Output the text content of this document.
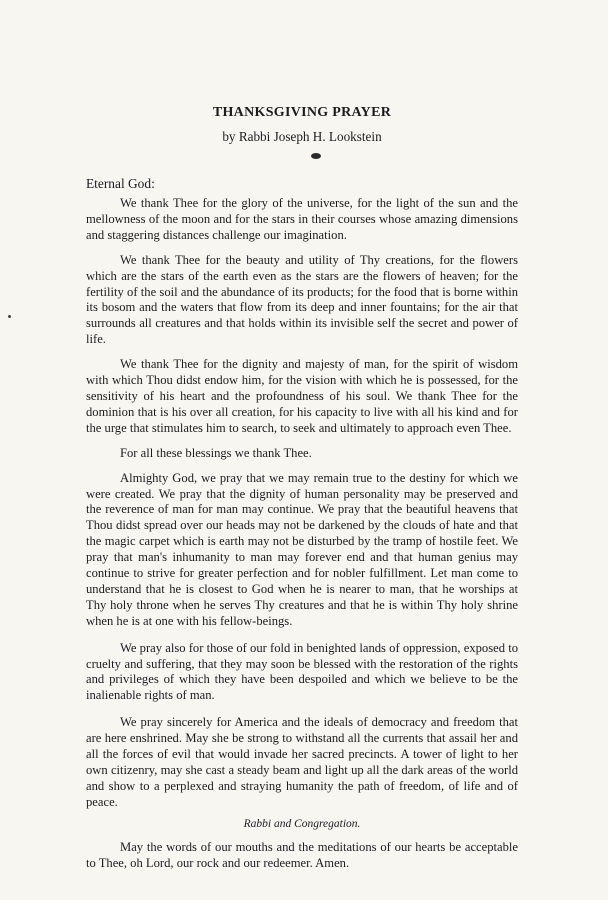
THANKSGIVING PRAYER
by Rabbi Joseph H. Lookstein
Eternal God:

We thank Thee for the glory of the universe, for the light of the sun and the mellowness of the moon and for the stars in their courses whose amazing dimensions and staggering distances challenge our imagination.

We thank Thee for the beauty and utility of Thy creations, for the flowers which are the stars of the earth even as the stars are the flowers of heaven; for the fertility of the soil and the abundance of its products; for the food that is borne within its bosom and the waters that flow from its deep and inner fountains; for the air that surrounds all creatures and that holds within its invisible self the secret and power of life.

We thank Thee for the dignity and majesty of man, for the spirit of wisdom with which Thou didst endow him, for the vision with which he is possessed, for the sensitivity of his heart and the profoundness of his soul. We thank Thee for the dominion that is his over all creation, for his capacity to live with all his kind and for the urge that stimulates him to search, to seek and ultimately to approach even Thee.

For all these blessings we thank Thee.

Almighty God, we pray that we may remain true to the destiny for which we were created. We pray that the dignity of human personality may be preserved and the reverence of man for man may continue. We pray that the beautiful heavens that Thou didst spread over our heads may not be darkened by the clouds of hate and that the magic carpet which is earth may not be disturbed by the tramp of hostile feet. We pray that man's inhumanity to man may forever end and that human genius may continue to strive for greater perfection and for nobler fulfillment. Let man come to understand that he is closest to God when he is nearer to man, that he worships at Thy holy throne when he serves Thy creatures and that he is within Thy holy shrine when he is at one with his fellow-beings.

We pray also for those of our fold in benighted lands of oppression, exposed to cruelty and suffering, that they may soon be blessed with the restoration of the rights and privileges of which they have been despoiled and which we believe to be the inalienable rights of man.

We pray sincerely for America and the ideals of democracy and freedom that are here enshrined. May she be strong to withstand all the currents that assail her and all the forces of evil that would invade her sacred precincts. A tower of light to her own citizenry, may she cast a steady beam and light up all the dark areas of the world and show to a perplexed and straying humanity the path of freedom, of life and of peace.

Rabbi and Congregation.

May the words of our mouths and the meditations of our hearts be acceptable to Thee, oh Lord, our rock and our redeemer. Amen.
